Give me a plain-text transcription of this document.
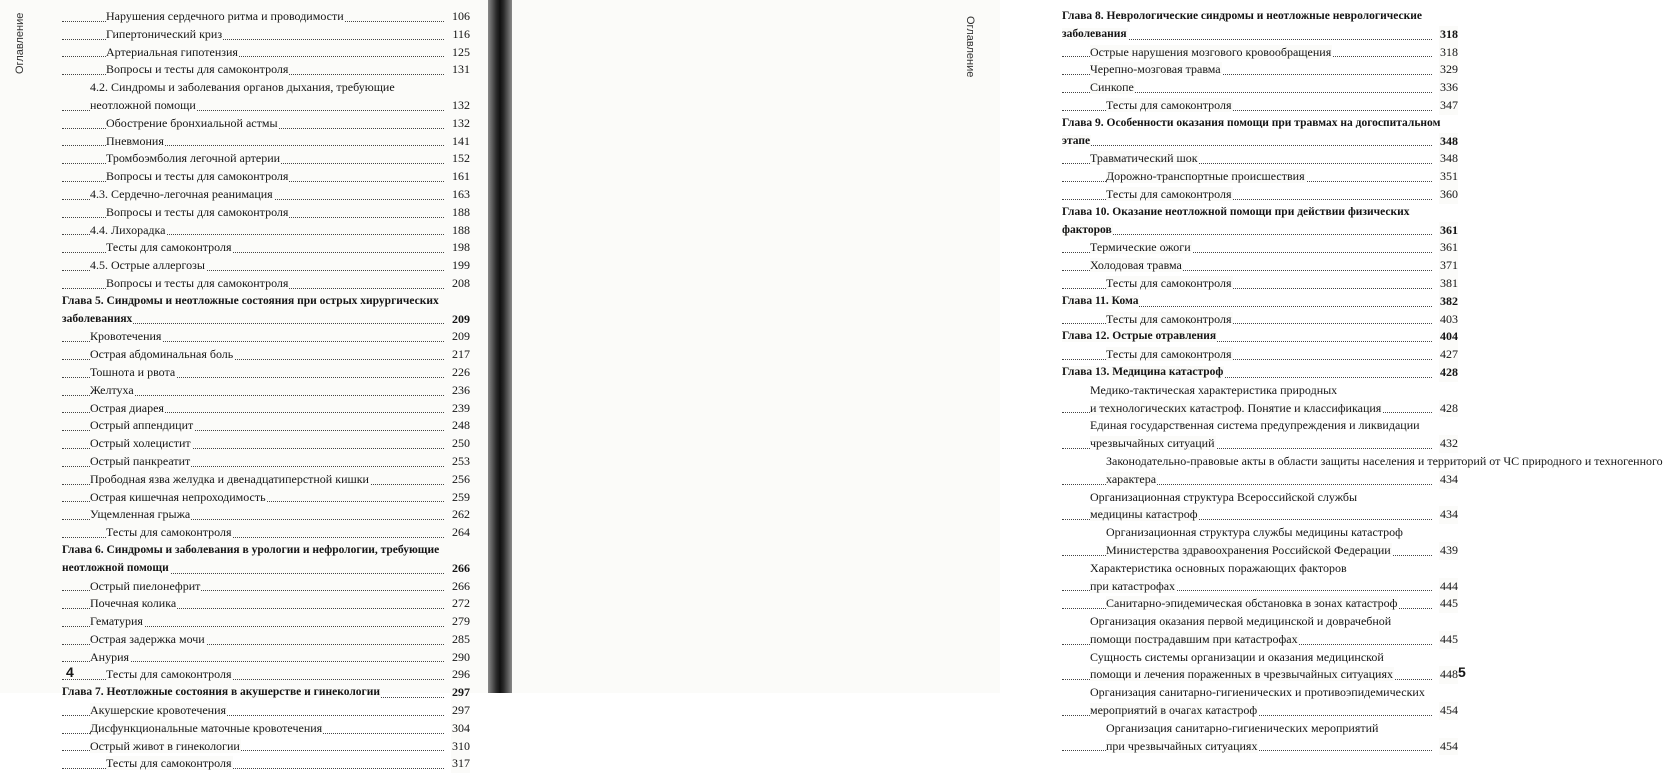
Оглавление	Нарушения сердечного ритма и проводимости	106
Гипертонический криз	116
Артериальная гипотензия	125
Вопросы и тесты для самоконтроля	131
4.2. Синдромы и заболевания органов дыхания, требующие
неотложной помощи	132
Обострение бронхиальной астмы	132
Пневмония	141
Тромбоэмболия легочной артерии	152
Вопросы и тесты для самоконтроля	161
4.3. Сердечно-легочная реанимация	163
Вопросы и тесты для самоконтроля	188
4.4. Лихорадка	188
Тесты для самоконтроля	198
4.5. Острые аллергозы	199
Вопросы и тесты для самоконтроля	208
Глава 5. Синдромы и неотложные состояния при острых хирургических
заболеваниях	209
Кровотечения	209
Острая абдоминальная боль	217
Тошнота и рвота	226
Желтуха	236
Острая диарея	239
Острый аппендицит	248
Острый холецистит	250
Острый панкреатит	253
Прободная язва желудка и двенадцатиперстной кишки	256
Острая кишечная непроходимость	259
Ущемленная грыжа	262
Тесты для самоконтроля	264
Глава 6. Синдромы и заболевания в урологии и нефрологии, требующие
неотложной помощи	266
Острый пиелонефрит	266
Почечная колика	272
Гематурия	279
Острая задержка мочи	285
Анурия	290
Тесты для самоконтроля	296
Глава 7. Неотложные состояния в акушерстве и гинекологии	297
Акушерские кровотечения	297
Дисфункциональные маточные кровотечения	304
Острый живот в гинекологии	310
Тесты для самоконтроля	317
4
Глава 8. Неврологические синдромы и неотложные неврологические
заболевания	318
Острые нарушения мозгового кровообращения	318
Черепно-мозговая травма	329
Синкопе	336
Тесты для самоконтроля	347
Глава 9. Особенности оказания помощи при травмах на догоспитальном
этапе	348
Травматический шок	348
Дорожно-транспортные происшествия	351
Тесты для самоконтроля	360
Глава 10. Оказание неотложной помощи при действии физических
факторов	361
Термические ожоги	361
Холодовая травма	371
Тесты для самоконтроля	381
Глава 11. Кома	382
Тесты для самоконтроля	403
Глава 12. Острые отравления	404
Тесты для самоконтроля	427
Глава 13. Медицина катастроф	428
Медико-тактическая характеристика природных
и технологических катастроф. Понятие и классификация	428
Единая государственная система предупреждения и ликвидации
чрезвычайных ситуаций	432
Законодательно-правовые акты в области защиты населения и территорий от ЧС природного и техногенного
характера	434
Организационная структура Всероссийской службы
медицины катастроф	434
Организационная структура службы медицины катастроф
Министерства здравоохранения Российской Федерации	439
Характеристика основных поражающих факторов
при катастрофах	444
Санитарно-эпидемическая обстановка в зонах катастроф	445
Организация оказания первой медицинской и доврачебной
помощи пострадавшим при катастрофах	445
Сущность системы организации и оказания медицинской
помощи и лечения пораженных в чрезвычайных ситуациях	448
Организация санитарно-гигиенических и противоэпидемических
мероприятий в очагах катастроф	454
Организация санитарно-гигиенических мероприятий
при чрезвычайных ситуациях	454
5
Оглавление
